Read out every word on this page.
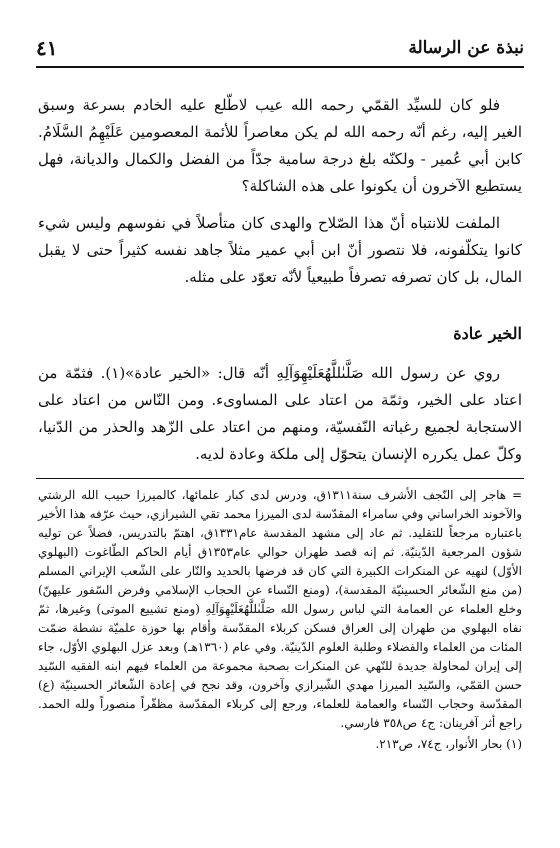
نبذة عن الرسالة
٤١

فلو كان للسيِّد القمّي رحمه الله عيب لاطّلع عليه الخادم بسرعة وسبق الغير إليه، رغم أنّه رحمه الله لم يكن معاصراً للأئمة المعصومين عَلَيْهِمُ السَّلَامُ. كابن أبي عُمير - ولكنّه بلغ درجة سامية جدّاً من الفضل والكمال والديانة، فهل يستطيع الآخرون أن يكونوا على هذه الشاكلة؟

الملفت للانتباه أنّ هذا الصّلاح والهدى كان متأصلاً في نفوسهم وليس شيء كانوا يتكلّفونه، فلا نتصور أنّ ابن أبي عمير مثلاً جاهد نفسه كثيراً حتى لا يقبل المال، بل كان تصرفه تصرفاً طبيعياً لأنّه تعوّد على مثله.

الخير عادة

روي عن رسول الله صَلَّىٰللَّهُعَلَيْهِوَآلِهِ أنّه قال: «الخير عادة»(١). فثمّة من اعتاد على الخير، وثمّة من اعتاد على المساوىء. ومن النّاس من اعتاد على الاستجابة لجميع رغباته النّفسيّة، ومنهم من اعتاد على الزّهد والحذر من الدّنيا، وكلّ عمل يكرره الإنسان يتحوّل إلى ملكة وعادة لديه.

= هاجر إلى النّجف الأشرف سنة١٣١١ق، ودرس لدى كبار علمائها، كالميرزا حبيب الله الرشتي والآخوند الخراساني وفي سامراء المقدّسة لدى الميرزا محمد تقي الشيرازي، حيث عرّفه هذا الأخير باعتباره مرجعاً للتقليد. ثم عاد إلى مشهد المقدسة عام١٣٣١ق، اهتمّ بالتدريس، فضلاً عن توليه شؤون المرجعية الدّينيّة. ثم إنه قصد طهران حوالي عام١٣٥٣ق أيام الحاكم الطّاغوت (البهلوي الأوّل) لنهيه عن المنكرات الكبيرة التي كان قد فرضها بالحديد والنّار على الشّعب الإيراني المسلم (من منع الشّعائر الحسينيّة المقدسة)، (ومنع النّساء عن الحجاب الإسلامي وفرض السّفور عليهنّ) وخلع العلماء عن العمامة التي لباس رسول الله صَلَّىٰللَّهُعَلَيْهِوَآلِهِ (ومنع تشييع الموتى) وغيرها، ثمّ نفاه البهلوي من طهران إلى العراق فسكن كربلاء المقدّسة وأقام بها حوزة علميّة نشطة ضمّت المئات من العلماء والفضلاء وطلبة العلوم الدّينيّة. وفي عام (١٣٦٠هـ) وبعد عزل البهلوي الأوّل، جاء إلى إيران لمحاولة جديدة للنّهي عن المنكرات بصحبة مجموعة من العلماء فيهم ابنه الفقيه السّيد حسن القمّي، والسّيد الميرزا مهدي الشّيرازي وآخرون، وقد نجح في إعادة الشّعائر الحسينيّة (ع) المقدّسة وحجاب النّساء والعمامة للعلماء، ورجع إلى كربلاء المقدّسة مظفّراً منصوراً ولله الحمد. راجع أثر آفرينان: ج٤ ص٣٥٨ فارسي.

(١) بحار الأنوار، ج٧٤، ص٢١٣.
